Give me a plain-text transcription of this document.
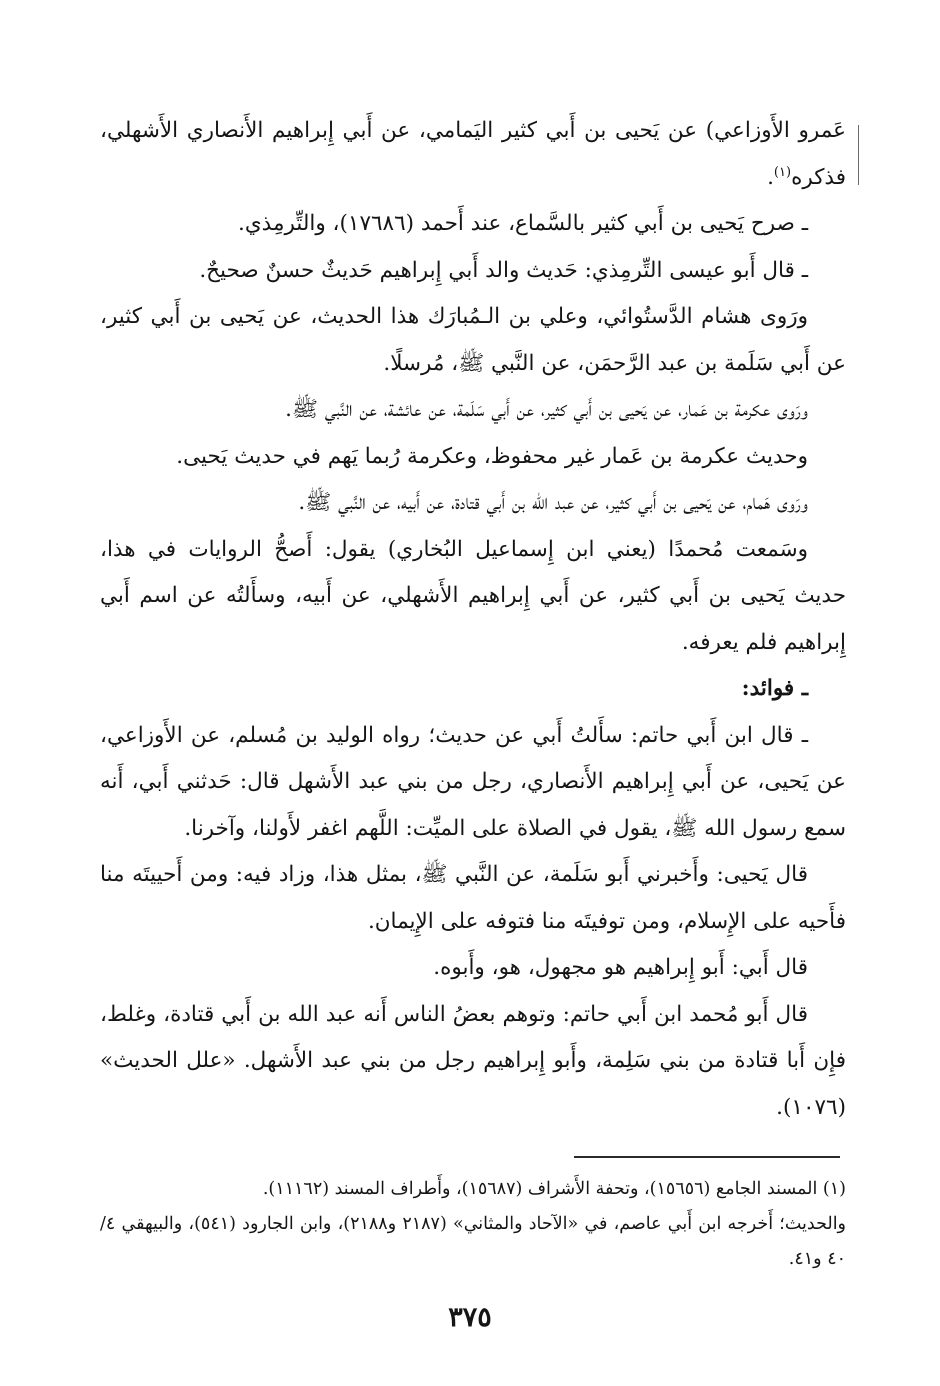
عَمرو الأَوزاعي) عن يَحيى بن أَبي كثير اليَمامي، عن أَبي إِبراهيم الأَنصاري الأَشهلي، فذكره$^{(١)}$.

ـ صرح يَحيى بن أَبي كثير بالسَّماع، عند أَحمد (١٧٦٨٦)، والتِّرمِذي.

ـ قال أَبو عيسى التِّرمِذي: حَديث والد أَبي إِبراهيم حَديثٌ حسنٌ صحيحٌ.

ورَوى هشام الدَّستُوائي، وعلي بن الـمُبارَك هذا الحديث، عن يَحيى بن أَبي كثير، عن أَبي سَلَمة بن عبد الرَّحمَن، عن النَّبي ﷺ، مُرسلًا.

ورَوى عكرمة بن عَمار، عن يَحيى بن أَبي كثير، عن أَبي سَلَمة، عن عائشة، عن النَّبي ﷺ.

وحديث عكرمة بن عَمار غير محفوظ، وعكرمة رُبما يَهم في حديث يَحيى.

ورَوى هَمام، عن يَحيى بن أَبي كثير، عن عبد الله بن أَبي قتادة، عن أَبيه، عن النَّبي ﷺ.

وسَمعت مُحمدًا (يعني ابن إِسماعيل البُخاري) يقول: أَصحُّ الروايات في هذا، حديث يَحيى بن أَبي كثير، عن أَبي إِبراهيم الأَشهلي، عن أَبيه، وسأَلتُه عن اسم أَبي إِبراهيم فلم يعرفه.

ـ فوائد:

ـ قال ابن أَبي حاتم: سأَلتُ أَبي عن حديث؛ رواه الوليد بن مُسلم، عن الأَوزاعي، عن يَحيى، عن أَبي إِبراهيم الأَنصاري، رجل من بني عبد الأَشهل قال: حَدثني أَبي، أَنه سمع رسول الله ﷺ، يقول في الصلاة على الميِّت: اللَّهم اغفر لأَولنا، وآخرنا.

قال يَحيى: وأَخبرني أَبو سَلَمة، عن النَّبي ﷺ، بمثل هذا، وزاد فيه: ومن أَحييتَه منا فأَحيه على الإِسلام، ومن توفيتَه منا فتوفه على الإِيمان.

قال أَبي: أَبو إِبراهيم هو مجهول، هو، وأَبوه.

قال أَبو مُحمد ابن أَبي حاتم: وتوهم بعضُ الناس أَنه عبد الله بن أَبي قتادة، وغلط، فإِن أَبا قتادة من بني سَلِمة، وأَبو إِبراهيم رجل من بني عبد الأَشهل. «علل الحديث» (١٠٧٦).

(١) المسند الجامع (١٥٦٥٦)، وتحفة الأَشراف (١٥٦٨٧)، وأَطراف المسند (١١١٦٢).

والحديث؛ أَخرجه ابن أَبي عاصم، في «الآحاد والمثاني» (٢١٨٧ و٢١٨٨)، وابن الجارود (٥٤١)، والبيهقي ٤/ ٤٠ و٤١.

٣٧٥
